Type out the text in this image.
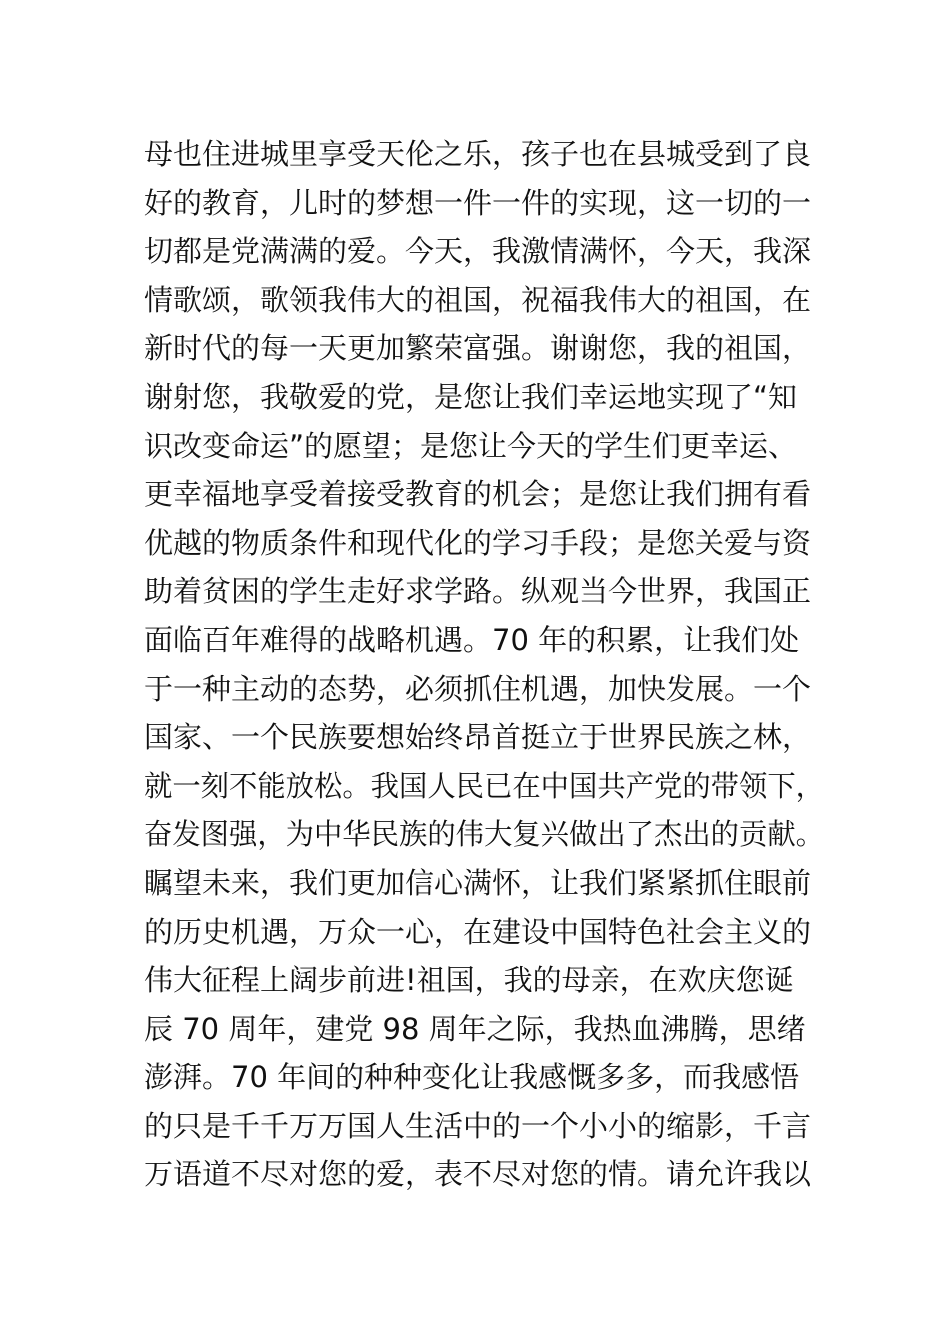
母也住进城里享受天伦之乐，孩子也在县城受到了良
好的教育，儿时的梦想一件一件的实现，这一切的一
切都是党满满的爱。今天，我激情满怀，今天，我深
情歌颂，歌领我伟大的祖国，祝福我伟大的祖国，在
新时代的每一天更加繁荣富强。谢谢您，我的祖国，
谢射您，我敬爱的党，是您让我们幸运地实现了“知
识改变命运”的愿望；是您让今天的学生们更幸运、
更幸福地享受着接受教育的机会；是您让我们拥有看
优越的物质条件和现代化的学习手段；是您关爱与资
助着贫困的学生走好求学路。纵观当今世界，我国正
面临百年难得的战略机遇。70 年的积累，让我们处
于一种主动的态势，必须抓住机遇，加快发展。一个
国家、一个民族要想始终昂首挺立于世界民族之林，
就一刻不能放松。我国人民已在中国共产党的带领下，
奋发图强，为中华民族的伟大复兴做出了杰出的贡献。
瞩望未来，我们更加信心满怀，让我们紧紧抓住眼前
的历史机遇，万众一心，在建设中国特色社会主义的
伟大征程上阔步前进!祖国，我的母亲，在欢庆您诞
辰 70 周年，建党 98 周年之际，我热血沸腾，思绪
澎湃。70 年间的种种变化让我感慨多多，而我感悟
的只是千千万万国人生活中的一个小小的缩影，千言
万语道不尽对您的爱，表不尽对您的情。请允许我以
